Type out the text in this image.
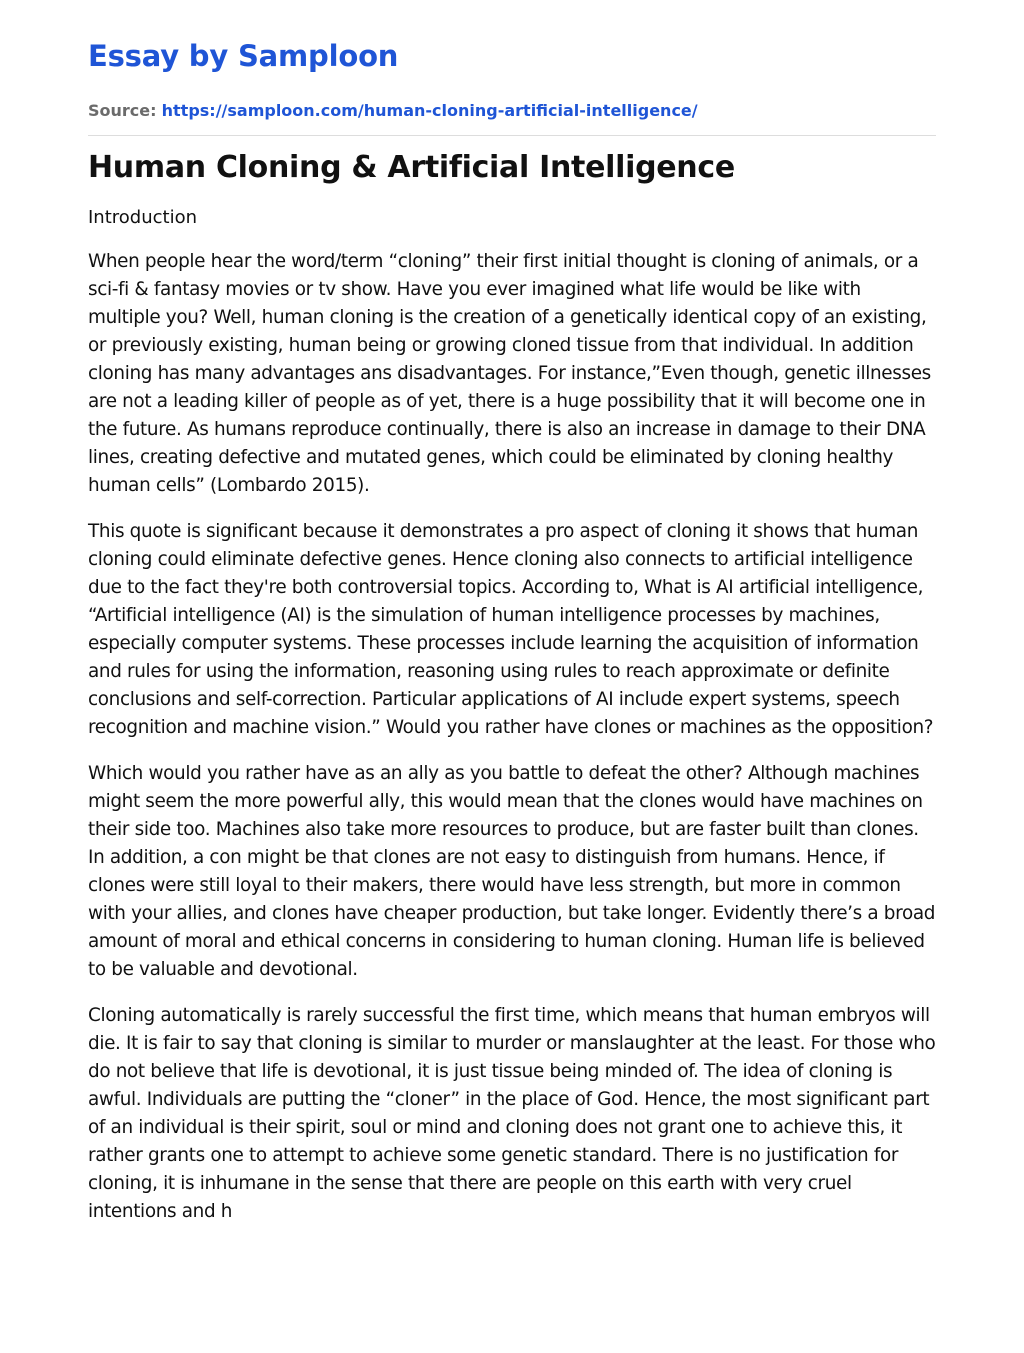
Essay by Samploon
Source: https://samploon.com/human-cloning-artificial-intelligence/
Human Cloning & Artificial Intelligence
Introduction

When people hear the word/term “cloning” their first initial thought is cloning of animals, or a sci-fi & fantasy movies or tv show. Have you ever imagined what life would be like with multiple you? Well, human cloning is the creation of a genetically identical copy of an existing, or previously existing, human being or growing cloned tissue from that individual. In addition cloning has many advantages ans disadvantages. For instance,”Even though, genetic illnesses are not a leading killer of people as of yet, there is a huge possibility that it will become one in the future. As humans reproduce continually, there is also an increase in damage to their DNA lines, creating defective and mutated genes, which could be eliminated by cloning healthy human cells” (Lombardo 2015).

This quote is significant because it demonstrates a pro aspect of cloning it shows that human cloning could eliminate defective genes. Hence cloning also connects to artificial intelligence due to the fact they're both controversial topics. According to, What is AI artificial intelligence, “Artificial intelligence (AI) is the simulation of human intelligence processes by machines, especially computer systems. These processes include learning the acquisition of information and rules for using the information, reasoning using rules to reach approximate or definite conclusions and self-correction. Particular applications of AI include expert systems, speech recognition and machine vision.” Would you rather have clones or machines as the opposition?

Which would you rather have as an ally as you battle to defeat the other? Although machines might seem the more powerful ally, this would mean that the clones would have machines on their side too. Machines also take more resources to produce, but are faster built than clones. In addition, a con might be that clones are not easy to distinguish from humans. Hence, if clones were still loyal to their makers, there would have less strength, but more in common with your allies, and clones have cheaper production, but take longer. Evidently there’s a broad amount of moral and ethical concerns in considering to human cloning. Human life is believed to be valuable and devotional.

Cloning automatically is rarely successful the first time, which means that human embryos will die. It is fair to say that cloning is similar to murder or manslaughter at the least. For those who do not believe that life is devotional, it is just tissue being minded of. The idea of cloning is awful. Individuals are putting the “cloner” in the place of God. Hence, the most significant part of an individual is their spirit, soul or mind and cloning does not grant one to achieve this, it rather grants one to attempt to achieve some genetic standard. There is no justification for cloning, it is inhumane in the sense that there are people on this earth with very cruel intentions and h
